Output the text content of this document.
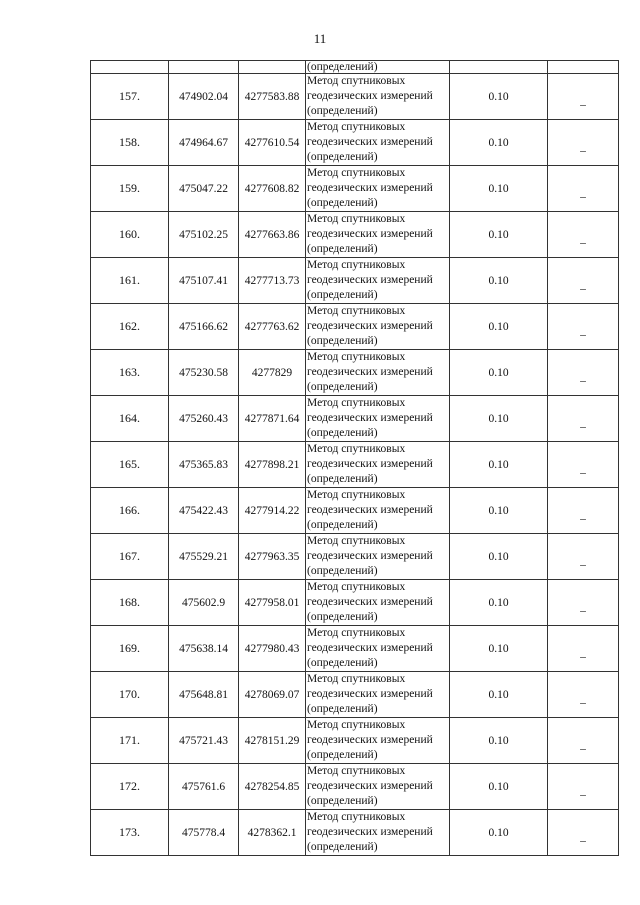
11
			(определений)		
157.	474902.04	4277583.88	Метод спутниковых
геодезических измерений
(определений)	0.10	_
158.	474964.67	4277610.54	Метод спутниковых
геодезических измерений
(определений)	0.10	_
159.	475047.22	4277608.82	Метод спутниковых
геодезических измерений
(определений)	0.10	_
160.	475102.25	4277663.86	Метод спутниковых
геодезических измерений
(определений)	0.10	_
161.	475107.41	4277713.73	Метод спутниковых
геодезических измерений
(определений)	0.10	_
162.	475166.62	4277763.62	Метод спутниковых
геодезических измерений
(определений)	0.10	_
163.	475230.58	4277829	Метод спутниковых
геодезических измерений
(определений)	0.10	_
164.	475260.43	4277871.64	Метод спутниковых
геодезических измерений
(определений)	0.10	_
165.	475365.83	4277898.21	Метод спутниковых
геодезических измерений
(определений)	0.10	_
166.	475422.43	4277914.22	Метод спутниковых
геодезических измерений
(определений)	0.10	_
167.	475529.21	4277963.35	Метод спутниковых
геодезических измерений
(определений)	0.10	_
168.	475602.9	4277958.01	Метод спутниковых
геодезических измерений
(определений)	0.10	_
169.	475638.14	4277980.43	Метод спутниковых
геодезических измерений
(определений)	0.10	_
170.	475648.81	4278069.07	Метод спутниковых
геодезических измерений
(определений)	0.10	_
171.	475721.43	4278151.29	Метод спутниковых
геодезических измерений
(определений)	0.10	_
172.	475761.6	4278254.85	Метод спутниковых
геодезических измерений
(определений)	0.10	_
173.	475778.4	4278362.1	Метод спутниковых
геодезических измерений
(определений)	0.10	_
